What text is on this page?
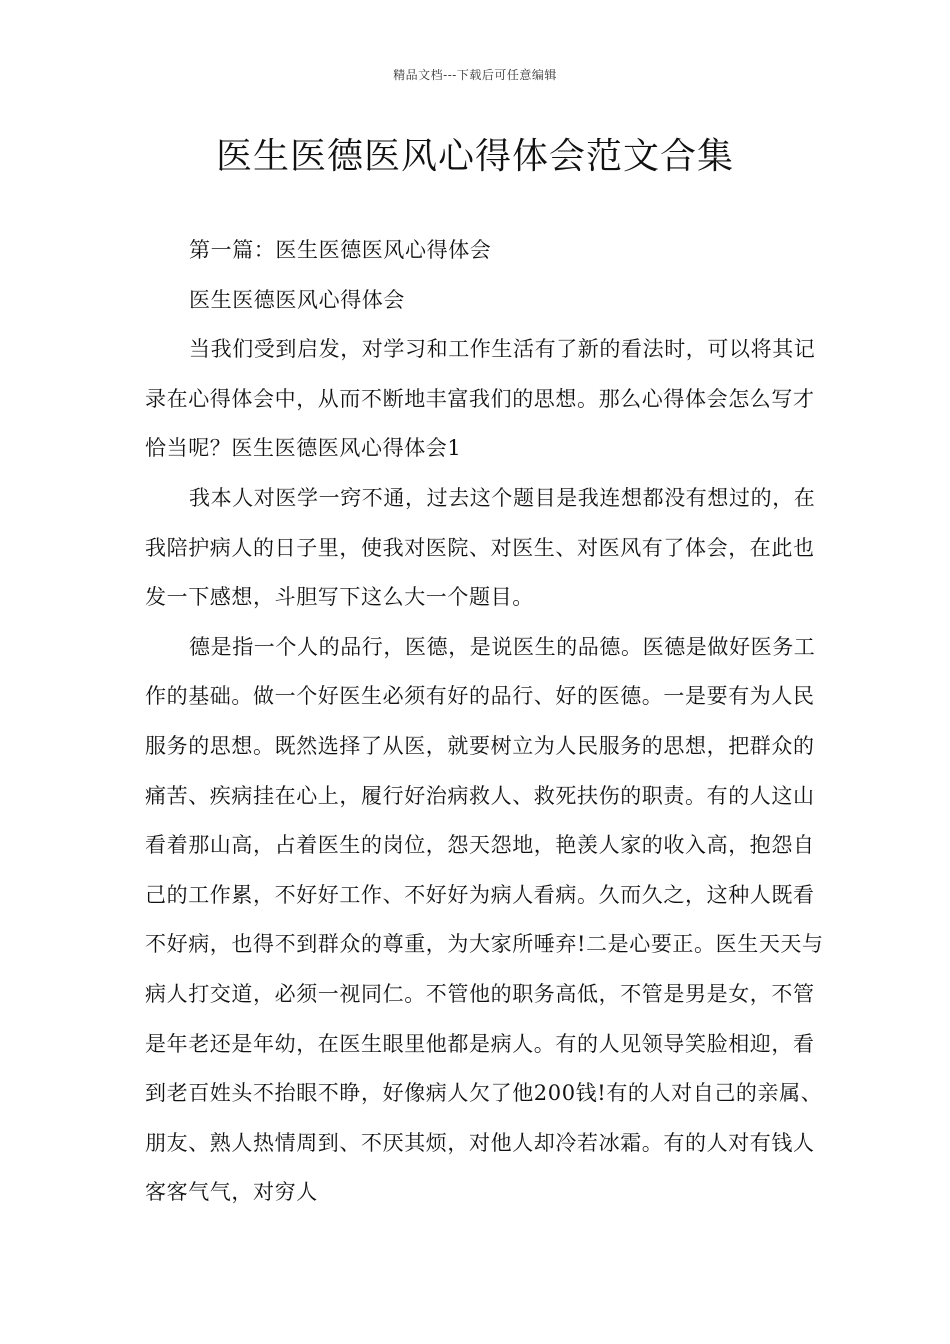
精品文档---下载后可任意编辑
医生医德医风心得体会范文合集

第一篇：医生医德医风心得体会

医生医德医风心得体会

当我们受到启发，对学习和工作生活有了新的看法时，可以将其记录在心得体会中，从而不断地丰富我们的思想。那么心得体会怎么写才恰当呢？医生医德医风心得体会1

我本人对医学一窍不通，过去这个题目是我连想都没有想过的，在我陪护病人的日子里，使我对医院、对医生、对医风有了体会，在此也发一下感想，斗胆写下这么大一个题目。

德是指一个人的品行，医德，是说医生的品德。医德是做好医务工作的基础。做一个好医生必须有好的品行、好的医德。一是要有为人民服务的思想。既然选择了从医，就要树立为人民服务的思想，把群众的痛苦、疾病挂在心上，履行好治病救人、救死扶伤的职责。有的人这山看着那山高，占着医生的岗位，怨天怨地，艳羡人家的收入高，抱怨自己的工作累，不好好工作、不好好为病人看病。久而久之，这种人既看不好病，也得不到群众的尊重，为大家所唾弃!二是心要正。医生天天与病人打交道，必须一视同仁。不管他的职务高低，不管是男是女，不管是年老还是年幼，在医生眼里他都是病人。有的人见领导笑脸相迎，看到老百姓头不抬眼不睁，好像病人欠了他200钱!有的人对自己的亲属、朋友、熟人热情周到、不厌其烦，对他人却冷若冰霜。有的人对有钱人客客气气，对穷人
